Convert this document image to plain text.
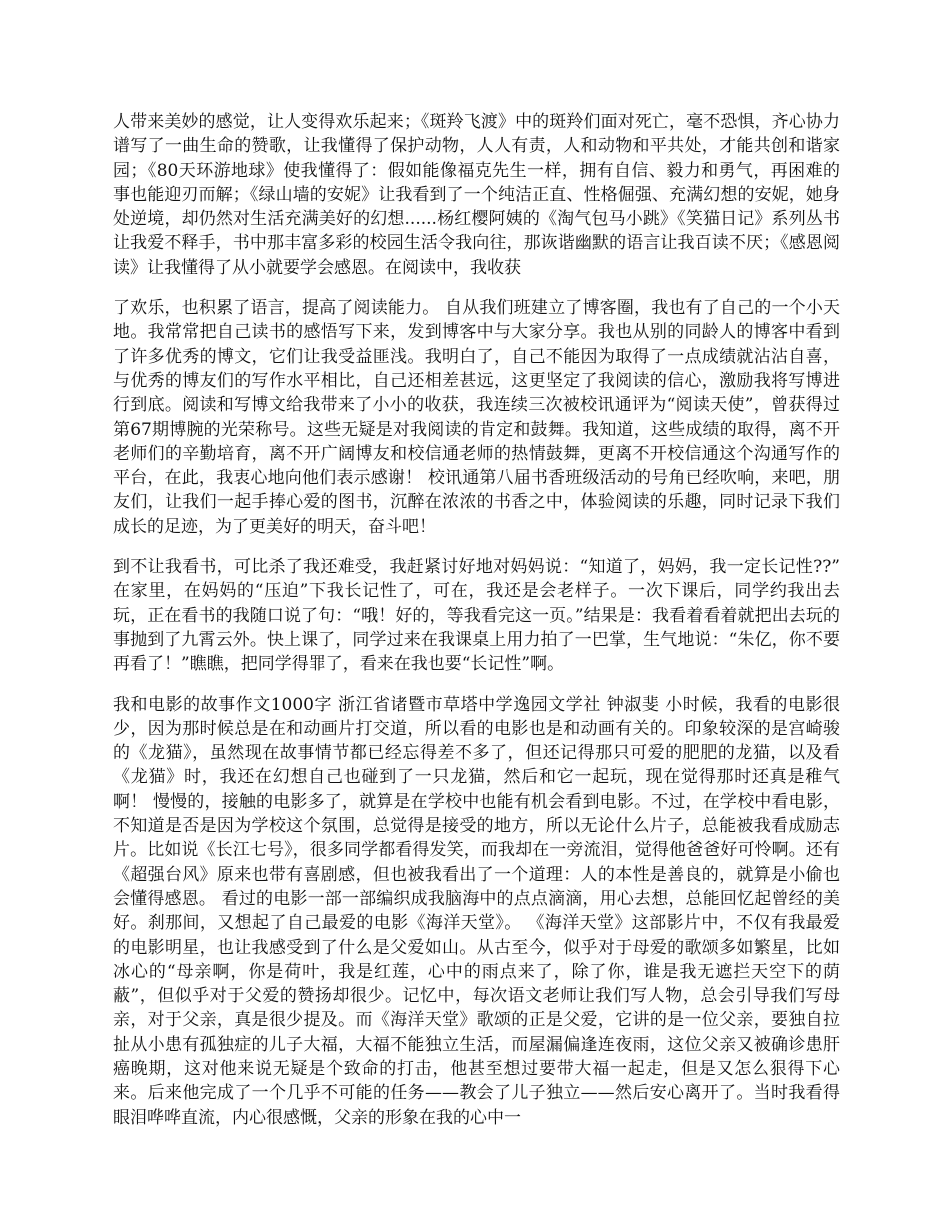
人带来美妙的感觉，让人变得欢乐起来；《斑羚飞渡》中的斑羚们面对死亡，毫不恐惧，齐心协力谱写了一曲生命的赞歌，让我懂得了保护动物，人人有责，人和动物和平共处，才能共创和谐家园；《80天环游地球》使我懂得了：假如能像福克先生一样，拥有自信、毅力和勇气，再困难的事也能迎刃而解；《绿山墙的安妮》让我看到了一个纯洁正直、性格倔强、充满幻想的安妮，她身处逆境，却仍然对生活充满美好的幻想......杨红樱阿姨的《淘气包马小跳》《笑猫日记》系列丛书让我爱不释手，书中那丰富多彩的校园生活令我向往，那诙谐幽默的语言让我百读不厌；《感恩阅读》让我懂得了从小就要学会感恩。在阅读中，我收获

了欢乐，也积累了语言，提高了阅读能力。 自从我们班建立了博客圈，我也有了自己的一个小天地。我常常把自己读书的感悟写下来，发到博客中与大家分享。我也从别的同龄人的博客中看到了许多优秀的博文，它们让我受益匪浅。我明白了，自己不能因为取得了一点成绩就沾沾自喜，与优秀的博友们的写作水平相比，自己还相差甚远，这更坚定了我阅读的信心，激励我将写博进行到底。阅读和写博文给我带来了小小的收获，我连续三次被校讯通评为“阅读天使”，曾获得过第67期博腕的光荣称号。这些无疑是对我阅读的肯定和鼓舞。我知道，这些成绩的取得，离不开老师们的辛勤培育，离不开广阔博友和校信通老师的热情鼓舞，更离不开校信通这个沟通写作的平台，在此，我衷心地向他们表示感谢！ 校讯通第八届书香班级活动的号角已经吹响，来吧，朋友们，让我们一起手捧心爱的图书，沉醉在浓浓的书香之中，体验阅读的乐趣，同时记录下我们成长的足迹，为了更美好的明天，奋斗吧！

到不让我看书，可比杀了我还难受，我赶紧讨好地对妈妈说：“知道了，妈妈，我一定长记性??” 在家里，在妈妈的“压迫”下我长记性了，可在，我还是会老样子。一次下课后，同学约我出去玩，正在看书的我随口说了句：“哦！好的，等我看完这一页。”结果是：我看着看着就把出去玩的事抛到了九霄云外。快上课了，同学过来在我课桌上用力拍了一巴掌，生气地说：“朱亿，你不要再看了！”瞧瞧，把同学得罪了，看来在我也要“长记性”啊。

我和电影的故事作文1000字 浙江省诸暨市草塔中学逸园文学社 钟淑斐 小时候，我看的电影很少，因为那时候总是在和动画片打交道，所以看的电影也是和动画有关的。印象较深的是宫崎骏的《龙猫》，虽然现在故事情节都已经忘得差不多了，但还记得那只可爱的肥肥的龙猫，以及看《龙猫》时，我还在幻想自己也碰到了一只龙猫，然后和它一起玩，现在觉得那时还真是稚气啊！ 慢慢的，接触的电影多了，就算是在学校中也能有机会看到电影。不过，在学校中看电影，不知道是否是因为学校这个氛围，总觉得是接受的地方，所以无论什么片子，总能被我看成励志片。比如说《长江七号》，很多同学都看得发笑，而我却在一旁流泪，觉得他爸爸好可怜啊。还有《超强台风》原来也带有喜剧感，但也被我看出了一个道理：人的本性是善良的，就算是小偷也会懂得感恩。 看过的电影一部一部编织成我脑海中的点点滴滴，用心去想，总能回忆起曾经的美好。刹那间，又想起了自己最爱的电影《海洋天堂》。 《海洋天堂》这部影片中，不仅有我最爱的电影明星，也让我感受到了什么是父爱如山。从古至今，似乎对于母爱的歌颂多如繁星，比如冰心的“母亲啊，你是荷叶，我是红莲，心中的雨点来了，除了你，谁是我无遮拦天空下的荫蔽”，但似乎对于父爱的赞扬却很少。记忆中，每次语文老师让我们写人物，总会引导我们写母亲，对于父亲，真是很少提及。而《海洋天堂》歌颂的正是父爱，它讲的是一位父亲，要独自拉扯从小患有孤独症的儿子大福，大福不能独立生活，而屋漏偏逢连夜雨，这位父亲又被确诊患肝癌晚期，这对他来说无疑是个致命的打击，他甚至想过要带大福一起走，但是又怎么狠得下心来。后来他完成了一个几乎不可能的任务——教会了儿子独立——然后安心离开了。当时我看得眼泪哗哗直流，内心很感慨，父亲的形象在我的心中一
